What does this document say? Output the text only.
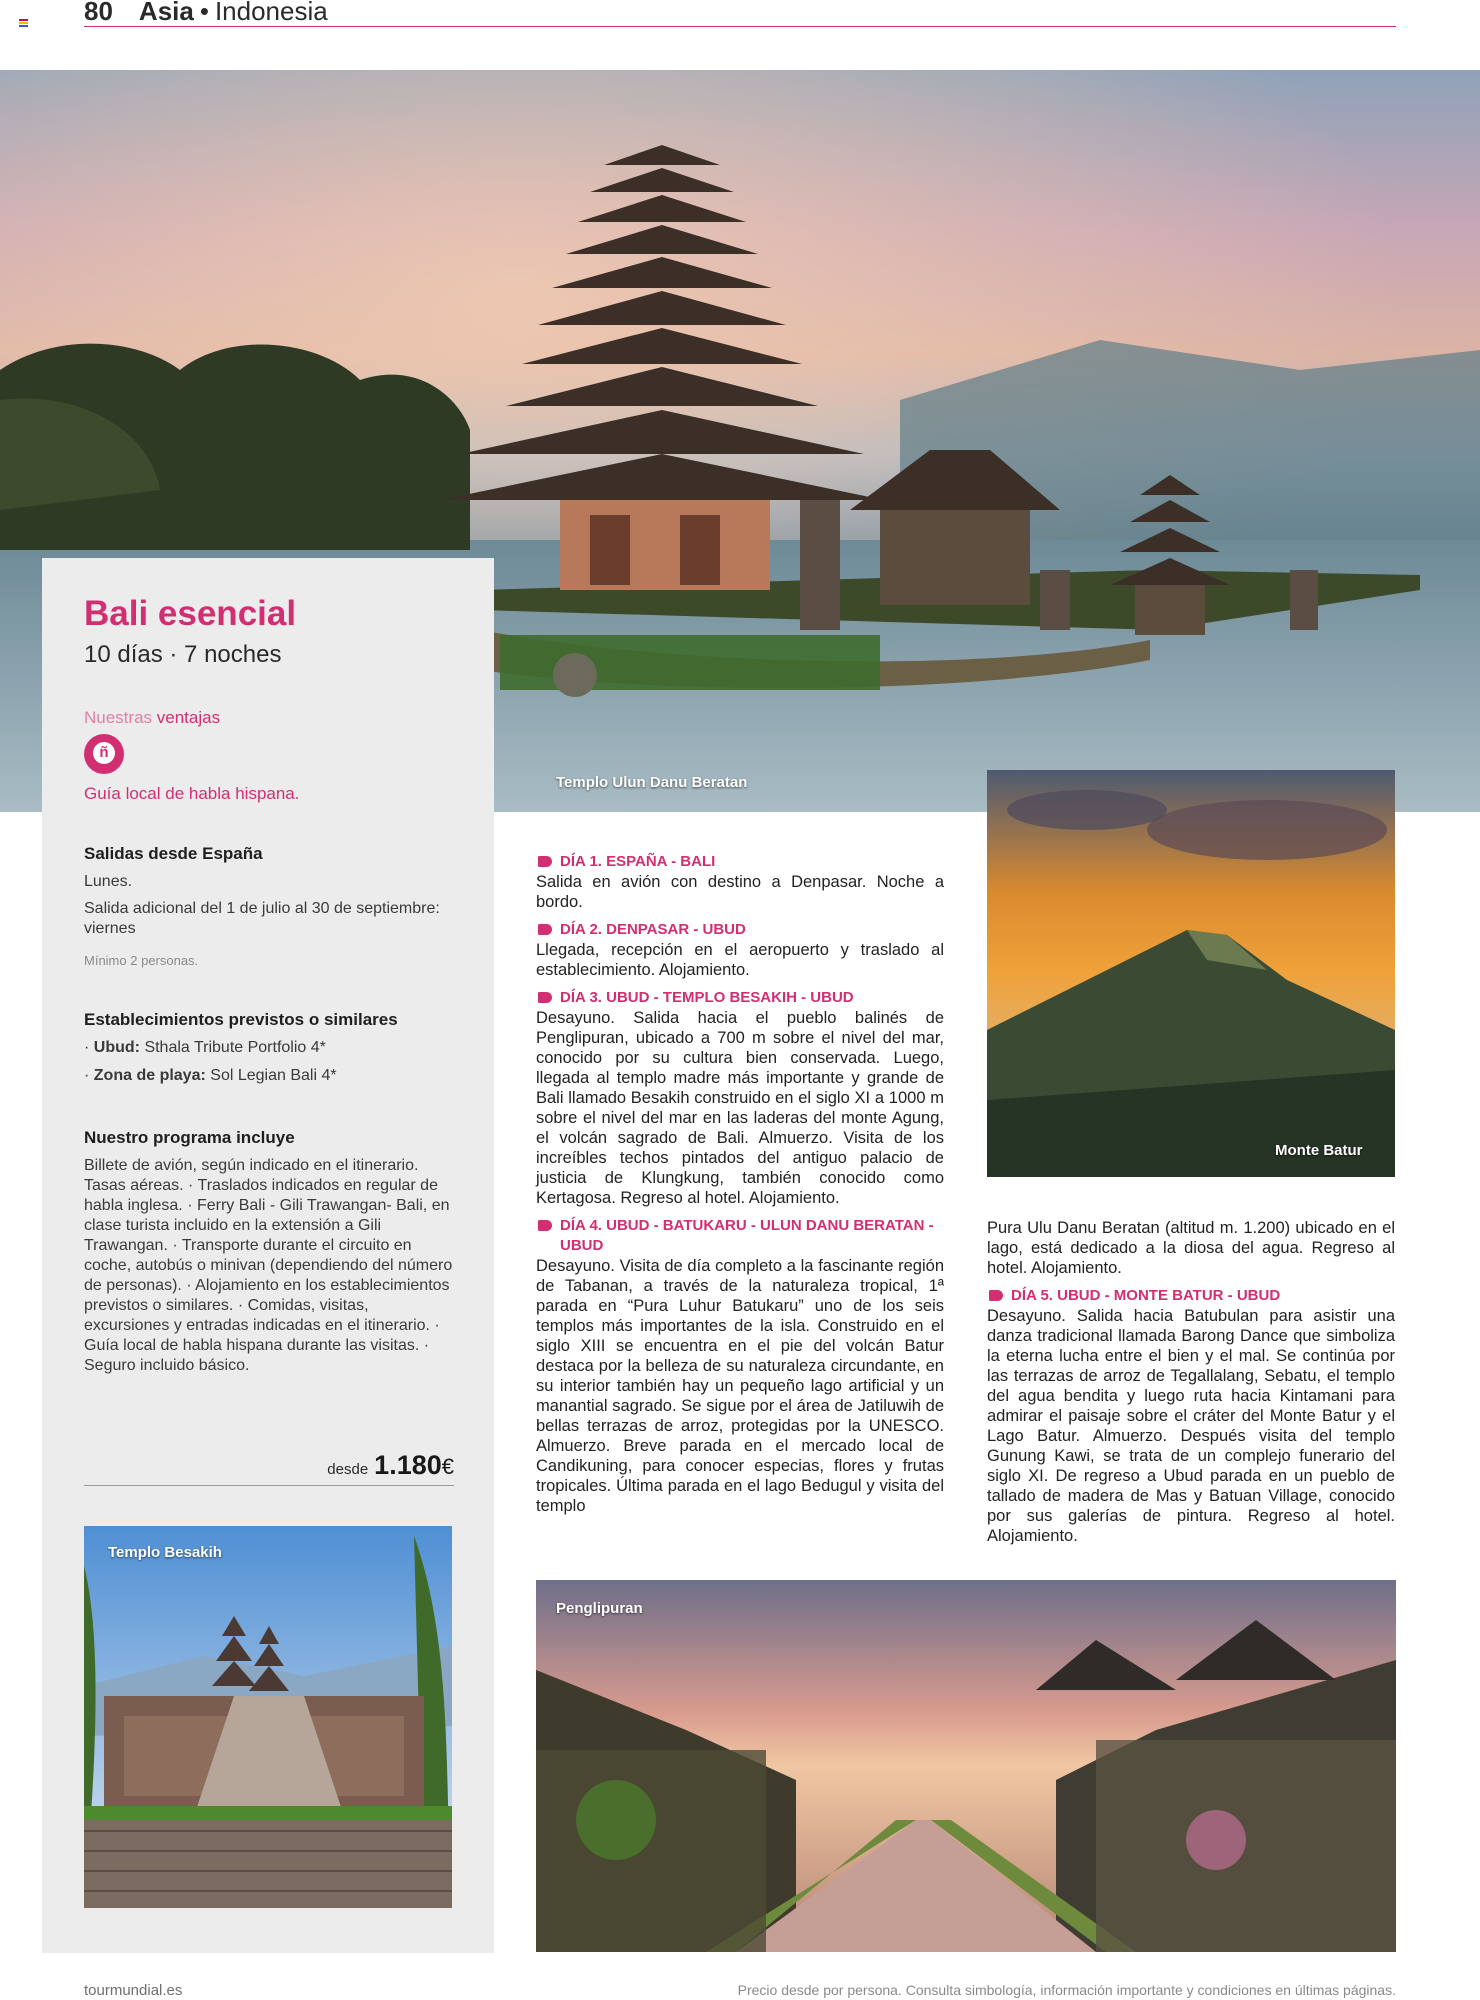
80 Asia • Indonesia
Templo Ulun Danu Beratan
Bali esencial
10 días · 7 noches
Nuestras ventajas
ñ
Guía local de habla hispana.
Salidas desde España
Lunes.
Salida adicional del 1 de julio al 30 de septiembre: viernes
Mínimo 2 personas.
Establecimientos previstos o similares
· Ubud: Sthala Tribute Portfolio 4*
· Zona de playa: Sol Legian Bali 4*
Nuestro programa incluye
Billete de avión, según indicado en el itinerario. Tasas aéreas. · Traslados indicados en regular de habla inglesa. · Ferry Bali - Gili Trawangan- Bali, en clase turista incluido en la extensión a Gili Trawangan. · Transporte durante el circuito en coche, autobús o minivan (dependiendo del número de personas). · Alojamiento en los establecimientos previstos o similares. · Comidas, visitas, excursiones y entradas indicadas en el itinerario. · Guía local de habla hispana durante las visitas. · Seguro incluido básico.
desde 1.180€
Templo Besakih
DÍA 1. ESPAÑA - BALI
Salida en avión con destino a Denpasar. Noche a bordo.
DÍA 2. DENPASAR - UBUD
Llegada, recepción en el aeropuerto y traslado al establecimiento. Alojamiento.
DÍA 3. UBUD - TEMPLO BESAKIH - UBUD
Desayuno. Salida hacia el pueblo balinés de Penglipuran, ubicado a 700 m sobre el nivel del mar, conocido por su cultura bien conservada. Luego, llegada al templo madre más importante y grande de Bali llamado Besakih construido en el siglo XI a 1000 m sobre el nivel del mar en las laderas del monte Agung, el volcán sagrado de Bali. Almuerzo. Visita de los increíbles techos pintados del antiguo palacio de justicia de Klungkung, también conocido como Kertagosa. Regreso al hotel. Alojamiento.
DÍA 4. UBUD - BATUKARU - ULUN DANU BERATAN - UBUD
Desayuno. Visita de día completo a la fascinante región de Tabanan, a través de la naturaleza tropical, 1ª parada en “Pura Luhur Batukaru” uno de los seis templos más importantes de la isla. Construido en el siglo XIII se encuentra en el pie del volcán Batur destaca por la belleza de su naturaleza circundante, en su interior también hay un pequeño lago artificial y un manantial sagrado. Se sigue por el área de Jatiluwih de bellas terrazas de arroz, protegidas por la UNESCO. Almuerzo. Breve parada en el mercado local de Candikuning, para conocer especias, flores y frutas tropicales. Última parada en el lago Bedugul y visita del templo
Monte Batur
Pura Ulu Danu Beratan (altitud m. 1.200) ubicado en el lago, está dedicado a la diosa del agua. Regreso al hotel. Alojamiento.
DÍA 5. UBUD - MONTE BATUR - UBUD
Desayuno. Salida hacia Batubulan para asistir una danza tradicional llamada Barong Dance que simboliza la eterna lucha entre el bien y el mal. Se continúa por las terrazas de arroz de Tegallalang, Sebatu, el templo del agua bendita y luego ruta hacia Kintamani para admirar el paisaje sobre el cráter del Monte Batur y el Lago Batur. Almuerzo. Después visita del templo Gunung Kawi, se trata de un complejo funerario del siglo XI. De regreso a Ubud parada en un pueblo de tallado de madera de Mas y Batuan Village, conocido por sus galerías de pintura. Regreso al hotel. Alojamiento.
Penglipuran
tourmundial.es	Precio desde por persona. Consulta simbología, información importante y condiciones en últimas páginas.
